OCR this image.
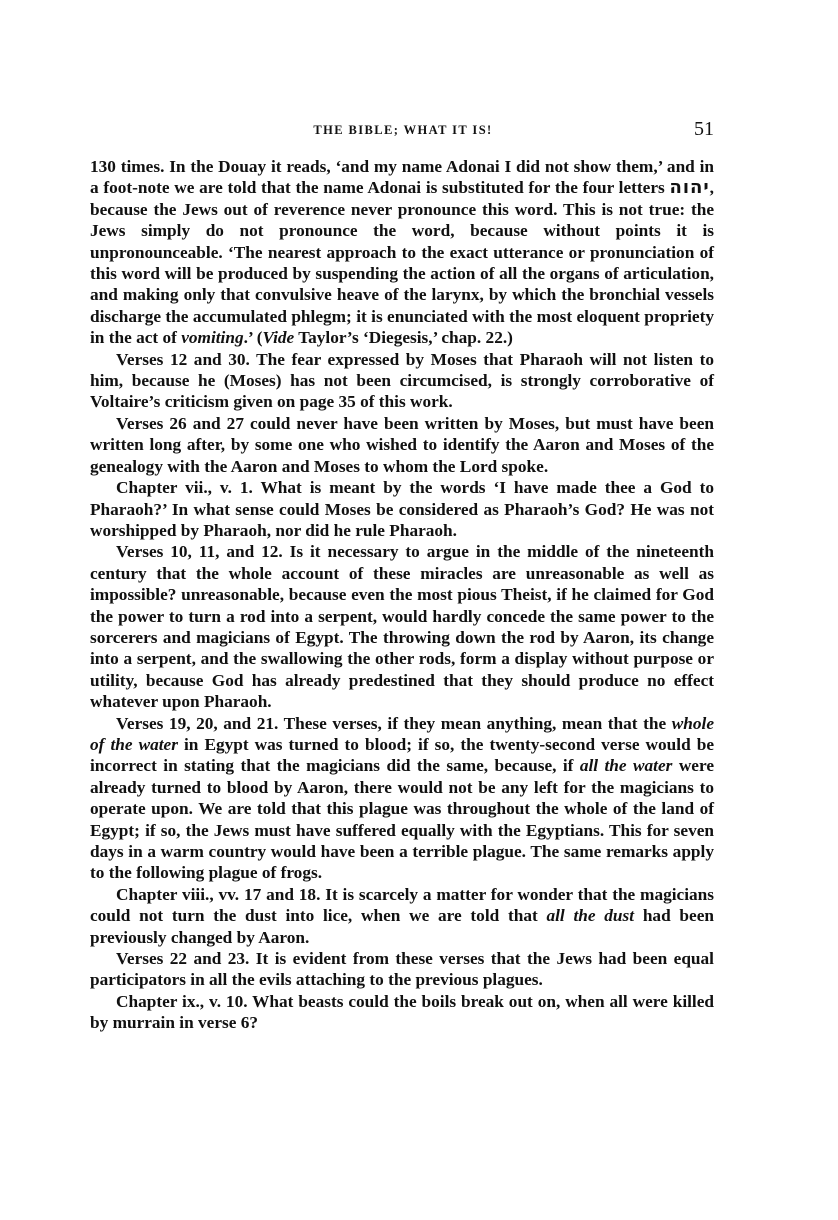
THE BIBLE; WHAT IT IS!	51

130 times. In the Douay it reads, ‘and my name Adonai I did not show them,’ and in a foot-note we are told that the name Adonai is substituted for the four letters יהוה, because the Jews out of reverence never pronounce this word. This is not true: the Jews simply do not pronounce the word, because without points it is unpronounceable. ‘The nearest approach to the exact utterance or pronunciation of this word will be produced by suspending the action of all the organs of articulation, and making only that convulsive heave of the larynx, by which the bronchial vessels discharge the accumulated phlegm; it is enunciated with the most eloquent propriety in the act of vomiting.’ (Vide Taylor’s ‘Diegesis,’ chap. 22.)

Verses 12 and 30. The fear expressed by Moses that Pharaoh will not listen to him, because he (Moses) has not been circumcised, is strongly corroborative of Voltaire’s criticism given on page 35 of this work.

Verses 26 and 27 could never have been written by Moses, but must have been written long after, by some one who wished to identify the Aaron and Moses of the genealogy with the Aaron and Moses to whom the Lord spoke.

Chapter vii., v. 1. What is meant by the words ‘I have made thee a God to Pharaoh?’ In what sense could Moses be considered as Pharaoh’s God? He was not worshipped by Pharaoh, nor did he rule Pharaoh.

Verses 10, 11, and 12. Is it necessary to argue in the middle of the nineteenth century that the whole account of these miracles are unreasonable as well as impossible? unreasonable, because even the most pious Theist, if he claimed for God the power to turn a rod into a serpent, would hardly concede the same power to the sorcerers and magicians of Egypt. The throwing down the rod by Aaron, its change into a serpent, and the swallowing the other rods, form a display without purpose or utility, because God has already predestined that they should produce no effect whatever upon Pharaoh.

Verses 19, 20, and 21. These verses, if they mean anything, mean that the whole of the water in Egypt was turned to blood; if so, the twenty-second verse would be incorrect in stating that the magicians did the same, because, if all the water were already turned to blood by Aaron, there would not be any left for the magicians to operate upon. We are told that this plague was throughout the whole of the land of Egypt; if so, the Jews must have suffered equally with the Egyptians. This for seven days in a warm country would have been a terrible plague. The same remarks apply to the following plague of frogs.

Chapter viii., vv. 17 and 18. It is scarcely a matter for wonder that the magicians could not turn the dust into lice, when we are told that all the dust had been previously changed by Aaron.

Verses 22 and 23. It is evident from these verses that the Jews had been equal participators in all the evils attaching to the previous plagues.

Chapter ix., v. 10. What beasts could the boils break out on, when all were killed by murrain in verse 6?
